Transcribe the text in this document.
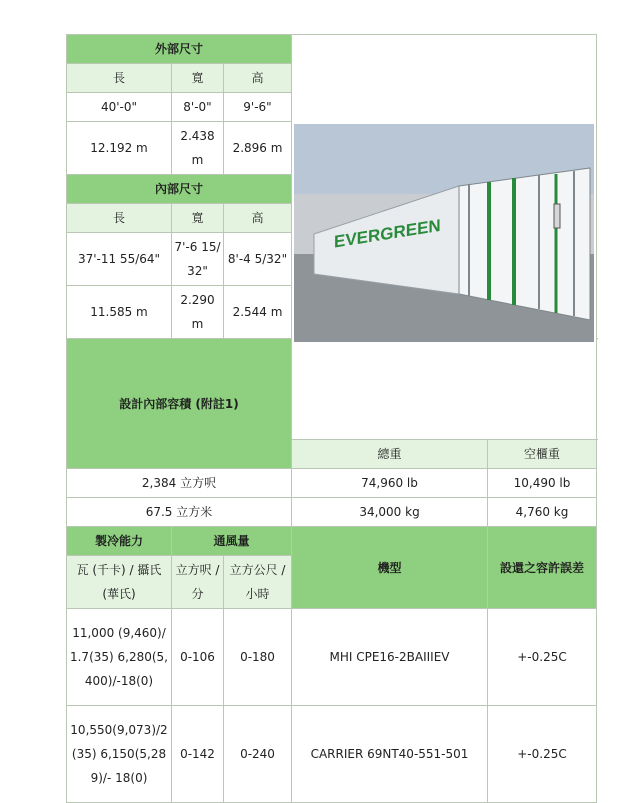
外部尺寸			EVERGREEN		

長	寬	高			
40'-0"	8'-0"	9'-6"			
12.192 m	2.438 m	2.896 m			
內部尺寸					
長	寬	高			
37'-11 55/64"	7'-6 15/32"	8'-4 5/32"			
11.585 m	2.290 m	2.544 m			
設計內部容積 (附註1)	
			總重	空櫃重	
2,384 立方呎			74,960 lb	10,490 lb	
67.5 立方米			34,000 kg	4,760 kg	
製冷能力	通風量		機型	設還之容許誤差	
瓦 (千卡) / 攝氏 (華氏)	立方呎 / 分	立方公尺 / 小時			
11,000 (9,460)/1.7(35) 6,280(5,400)/-18(0)	0-106	0-180	MHI CPE16-2BAIIIEV	+-0.25C	
10,550(9,073)/2 (35) 6,150(5,289)/- 18(0)	0-142	0-240	CARRIER 69NT40-551-501	+-0.25C	
